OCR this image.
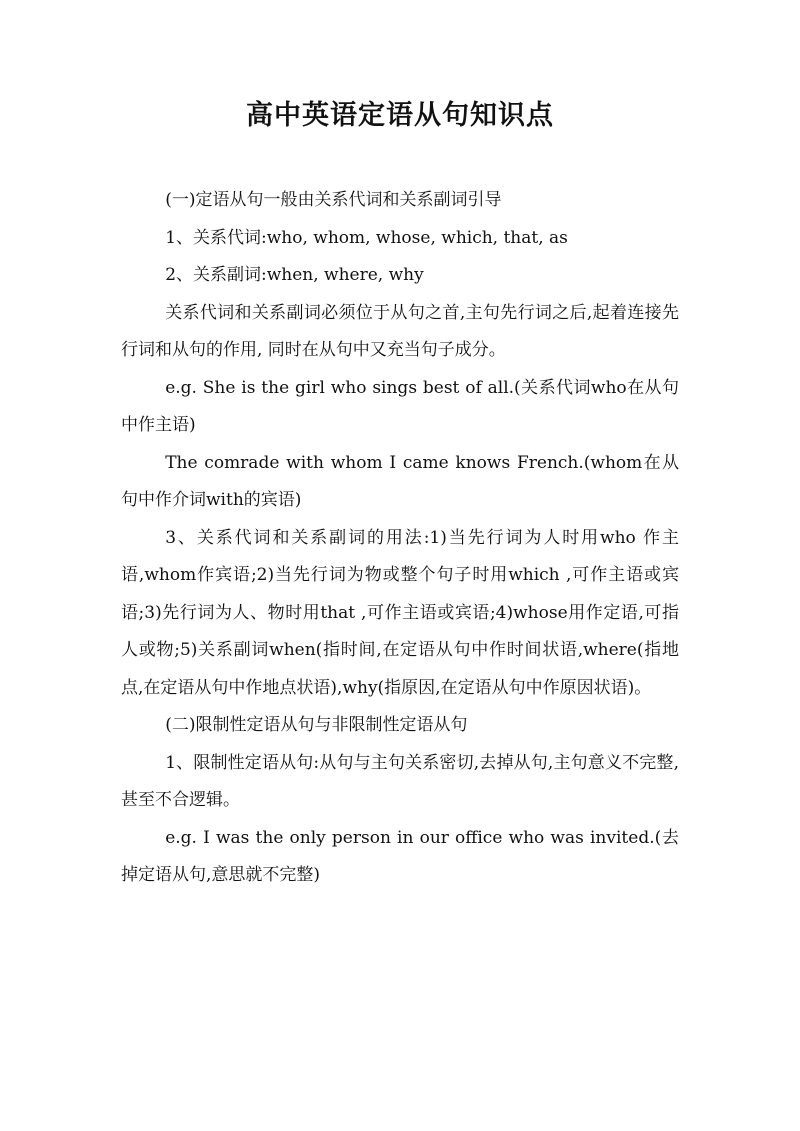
高中英语定语从句知识点

(一)定语从句一般由关系代词和关系副词引导

1、关系代词:who, whom, whose, which, that, as

2、关系副词:when, where, why

关系代词和关系副词必须位于从句之首,主句先行词之后,起着连接先行词和从句的作用, 同时在从句中又充当句子成分。

e.g. She is the girl who sings best of all.(关系代词who在从句中作主语)

The comrade with whom I came knows French.(whom在从句中作介词with的宾语)

3、关系代词和关系副词的用法:1)当先行词为人时用who 作主语,whom作宾语;2)当先行词为物或整个句子时用which ,可作主语或宾语;3)先行词为人、物时用that ,可作主语或宾语;4)whose用作定语,可指人或物;5)关系副词when(指时间,在定语从句中作时间状语,where(指地点,在定语从句中作地点状语),why(指原因,在定语从句中作原因状语)。

(二)限制性定语从句与非限制性定语从句

1、限制性定语从句:从句与主句关系密切,去掉从句,主句意义不完整,甚至不合逻辑。

e.g. I was the only person in our office who was invited.(去掉定语从句,意思就不完整)
